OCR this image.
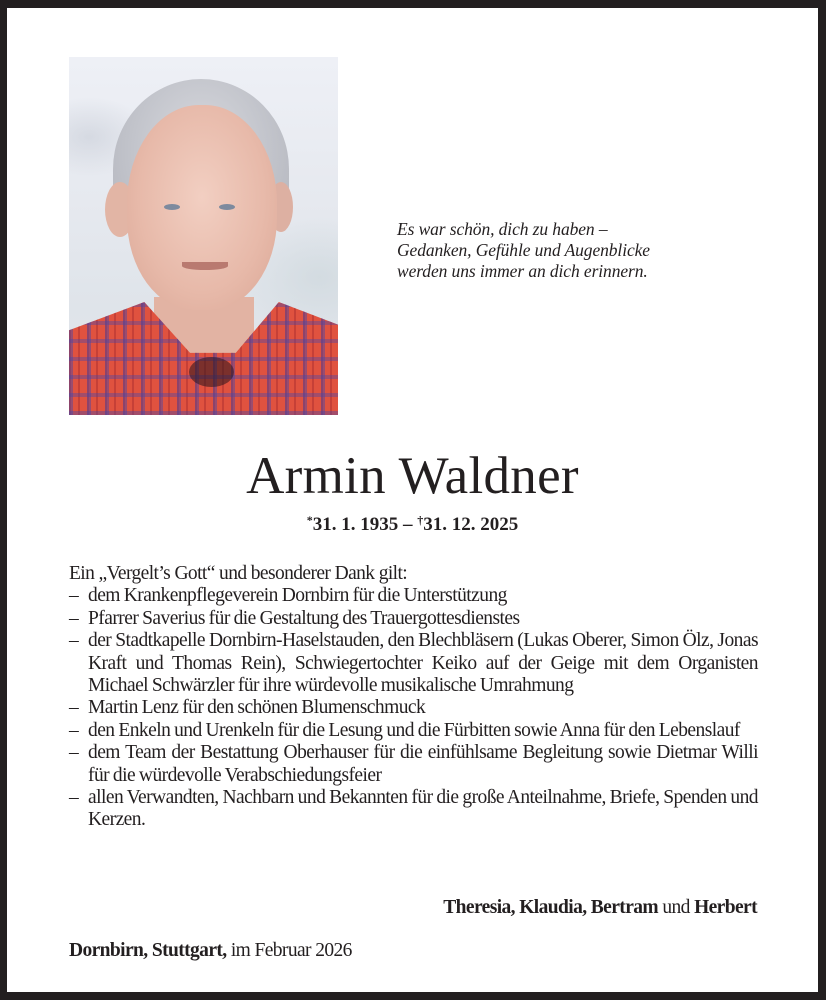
Es war schön, dich zu haben –
Gedanken, Gefühle und Augenblicke
werden uns immer an dich erinnern.
Armin Waldner
*31. 1. 1935 – †31. 12. 2025
Ein „Vergelt’s Gott“ und besonderer Dank gilt:
– dem Krankenpflegeverein Dornbirn für die Unterstützung
– Pfarrer Saverius für die Gestaltung des Trauergottesdienstes
– der Stadtkapelle Dornbirn-Haselstauden, den Blechbläsern (Lukas Oberer, Simon Ölz, Jonas Kraft und Thomas Rein), Schwiegertochter Keiko auf der Geige mit dem Organisten Michael Schwärzler für ihre würdevolle musikalische Umrahmung
– Martin Lenz für den schönen Blumenschmuck
– den Enkeln und Urenkeln für die Lesung und die Fürbitten sowie Anna für den Lebenslauf
– dem Team der Bestattung Oberhauser für die einfühlsame Begleitung sowie Dietmar Willi für die würdevolle Verabschiedungsfeier
– allen Verwandten, Nachbarn und Bekannten für die große Anteilnahme, Briefe, Spenden und Kerzen.
Theresia, Klaudia, Bertram und Herbert
Dornbirn, Stuttgart, im Februar 2026
